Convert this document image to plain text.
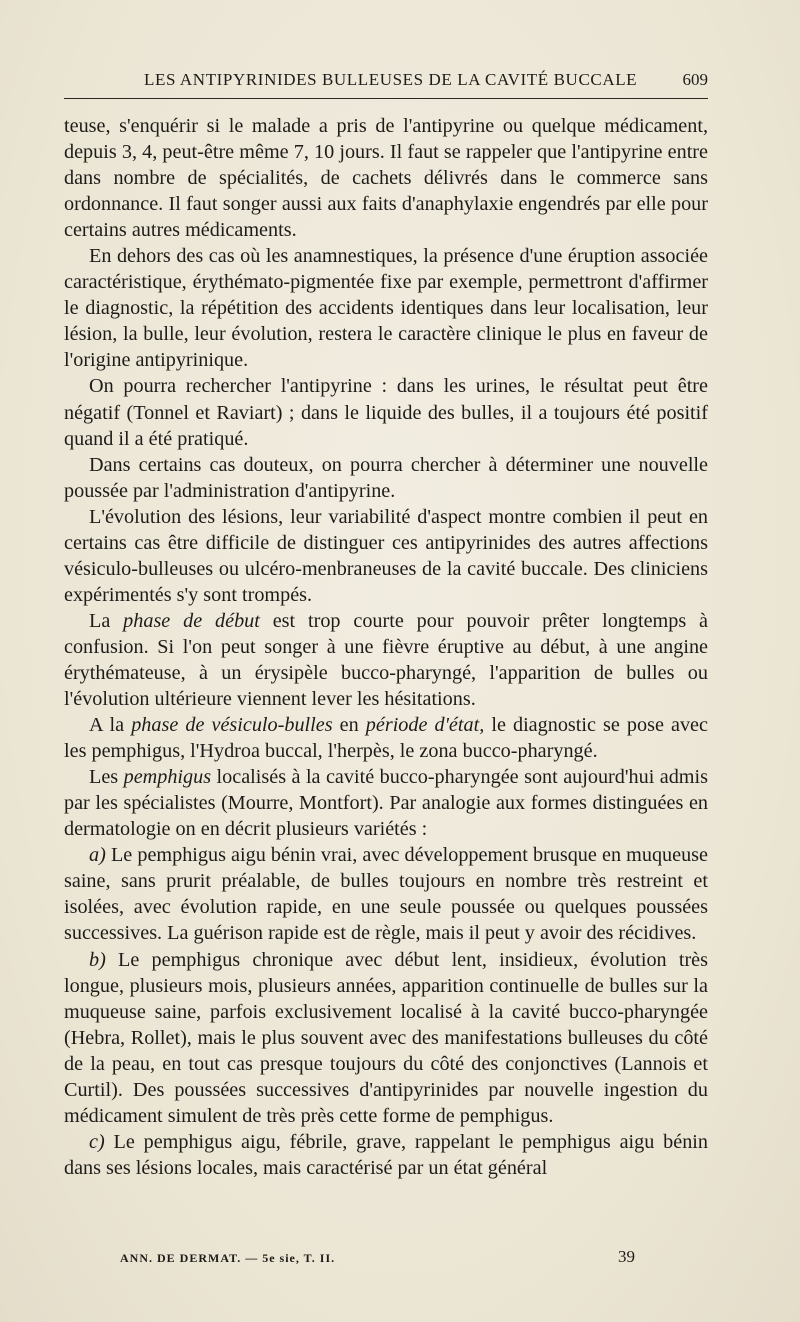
LES ANTIPYRINIDES BULLEUSES DE LA CAVITÉ BUCCALE	609

teuse, s'enquérir si le malade a pris de l'antipyrine ou quelque médicament, depuis 3, 4, peut-être même 7, 10 jours. Il faut se rappeler que l'antipyrine entre dans nombre de spécialités, de cachets délivrés dans le commerce sans ordonnance. Il faut songer aussi aux faits d'anaphylaxie engendrés par elle pour certains autres médicaments.

En dehors des cas où les anamnestiques, la présence d'une éruption associée caractéristique, érythémato-pigmentée fixe par exemple, permettront d'affirmer le diagnostic, la répétition des accidents identiques dans leur localisation, leur lésion, la bulle, leur évolution, restera le caractère clinique le plus en faveur de l'origine antipyrinique.

On pourra rechercher l'antipyrine : dans les urines, le résultat peut être négatif (Tonnel et Raviart) ; dans le liquide des bulles, il a toujours été positif quand il a été pratiqué.

Dans certains cas douteux, on pourra chercher à déterminer une nouvelle poussée par l'administration d'antipyrine.

L'évolution des lésions, leur variabilité d'aspect montre combien il peut en certains cas être difficile de distinguer ces antipyrinides des autres affections vésiculo-bulleuses ou ulcéro-menbraneuses de la cavité buccale. Des cliniciens expérimentés s'y sont trompés.

La phase de début est trop courte pour pouvoir prêter longtemps à confusion. Si l'on peut songer à une fièvre éruptive au début, à une angine érythémateuse, à un érysipèle bucco-pharyngé, l'apparition de bulles ou l'évolution ultérieure viennent lever les hésitations.

A la phase de vésiculo-bulles en période d'état, le diagnostic se pose avec les pemphigus, l'Hydroa buccal, l'herpès, le zona bucco-pharyngé.

Les pemphigus localisés à la cavité bucco-pharyngée sont aujourd'hui admis par les spécialistes (Mourre, Montfort). Par analogie aux formes distinguées en dermatologie on en décrit plusieurs variétés :

a) Le pemphigus aigu bénin vrai, avec développement brusque en muqueuse saine, sans prurit préalable, de bulles toujours en nombre très restreint et isolées, avec évolution rapide, en une seule poussée ou quelques poussées successives. La guérison rapide est de règle, mais il peut y avoir des récidives.

b) Le pemphigus chronique avec début lent, insidieux, évolution très longue, plusieurs mois, plusieurs années, apparition continuelle de bulles sur la muqueuse saine, parfois exclusivement localisé à la cavité bucco-pharyngée (Hebra, Rollet), mais le plus souvent avec des manifestations bulleuses du côté de la peau, en tout cas presque toujours du côté des conjonctives (Lannois et Curtil). Des poussées successives d'antipyrinides par nouvelle ingestion du médicament simulent de très près cette forme de pemphigus.

c) Le pemphigus aigu, fébrile, grave, rappelant le pemphigus aigu bénin dans ses lésions locales, mais caractérisé par un état général

ANN. DE DERMAT. — 5e sie, T. II.	39
